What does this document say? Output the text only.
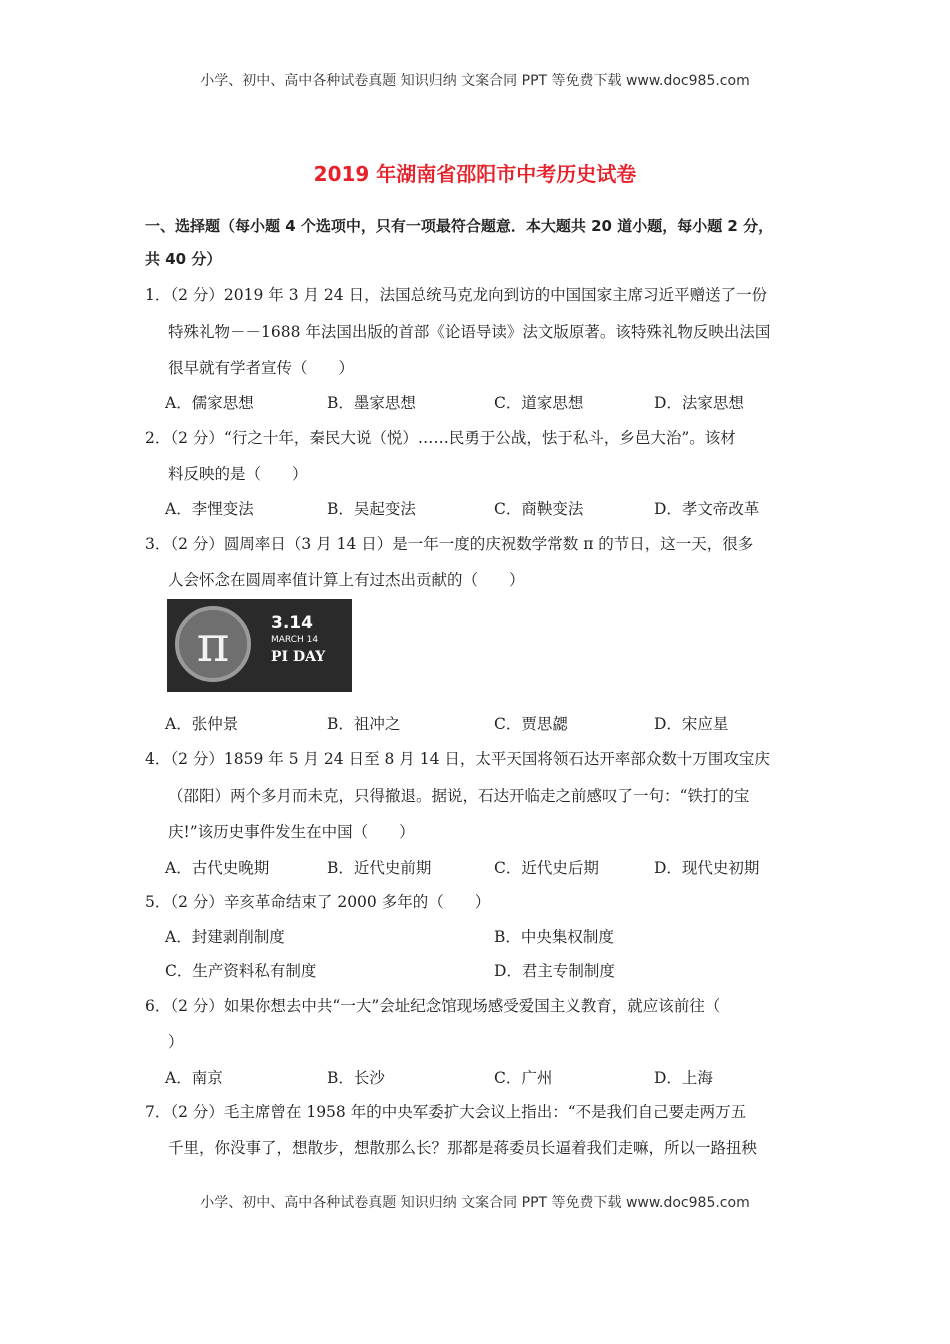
小学、初中、高中各种试卷真题 知识归纳 文案合同 PPT 等免费下载 www.doc985.com
2019 年湖南省邵阳市中考历史试卷
一、选择题（每小题 4 个选项中，只有一项最符合题意．本大题共 20 道小题，每小题 2 分，
共 40 分）
1．（2 分）2019 年 3 月 24 日，法国总统马克龙向到访的中国国家主席习近平赠送了一份
特殊礼物－－1688 年法国出版的首部《论语导读》法文版原著。该特殊礼物反映出法国
很早就有学者宣传（　　）
A．儒家思想	B．墨家思想	C．道家思想	D．法家思想
2．（2 分）“行之十年，秦民大说（悦）……民勇于公战，怯于私斗，乡邑大治”。该材
料反映的是（　　）
A．李悝变法	B．吴起变法	C．商鞅变法	D．孝文帝改革
3．（2 分）圆周率日（3 月 14 日）是一年一度的庆祝数学常数 π 的节日，这一天，很多
人会怀念在圆周率值计算上有过杰出贡献的（　　）
π 3.14
MARCH 14
PI DAY
A．张仲景	B．祖冲之	C．贾思勰	D．宋应星
4．（2 分）1859 年 5 月 24 日至 8 月 14 日，太平天国将领石达开率部众数十万围攻宝庆
（邵阳）两个多月而未克，只得撤退。据说，石达开临走之前感叹了一句：“铁打的宝
庆!”该历史事件发生在中国（　　）
A．古代史晚期	B．近代史前期	C．近代史后期	D．现代史初期
5．（2 分）辛亥革命结束了 2000 多年的（　　）
A．封建剥削制度	B．中央集权制度
C．生产资料私有制度	D．君主专制制度
6．（2 分）如果你想去中共“一大”会址纪念馆现场感受爱国主义教育，就应该前往（
）
A．南京	B．长沙	C．广州	D．上海
7．（2 分）毛主席曾在 1958 年的中央军委扩大会议上指出：“不是我们自己要走两万五
千里，你没事了，想散步，想散那么长？那都是蒋委员长逼着我们走嘛，所以一路扭秧
小学、初中、高中各种试卷真题 知识归纳 文案合同 PPT 等免费下载 www.doc985.com
